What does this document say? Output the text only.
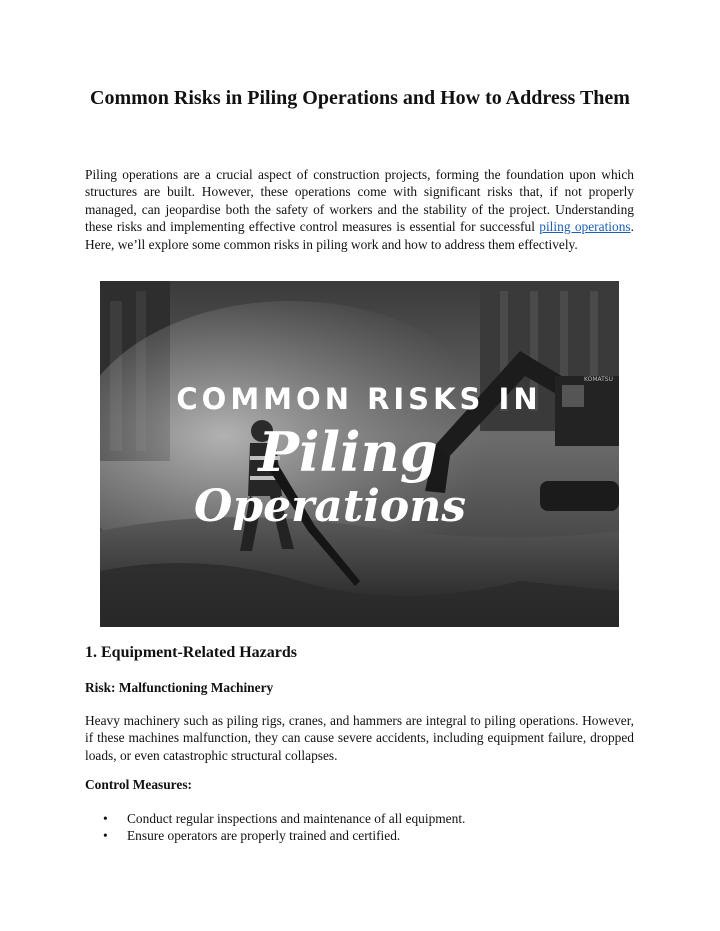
Common Risks in Piling Operations and How to Address Them

Piling operations are a crucial aspect of construction projects, forming the foundation upon which structures are built. However, these operations come with significant risks that, if not properly managed, can jeopardise both the safety of workers and the stability of the project. Understanding these risks and implementing effective control measures is essential for successful piling operations. Here, we’ll explore some common risks in piling work and how to address them effectively.

KOMATSU
COMMON RISKS IN
Piling
Operations
1. Equipment-Related Hazards
Risk: Malfunctioning Machinery

Heavy machinery such as piling rigs, cranes, and hammers are integral to piling operations. However, if these machines malfunction, they can cause severe accidents, including equipment failure, dropped loads, or even catastrophic structural collapses.

Control Measures:
• Conduct regular inspections and maintenance of all equipment.
• Ensure operators are properly trained and certified.
